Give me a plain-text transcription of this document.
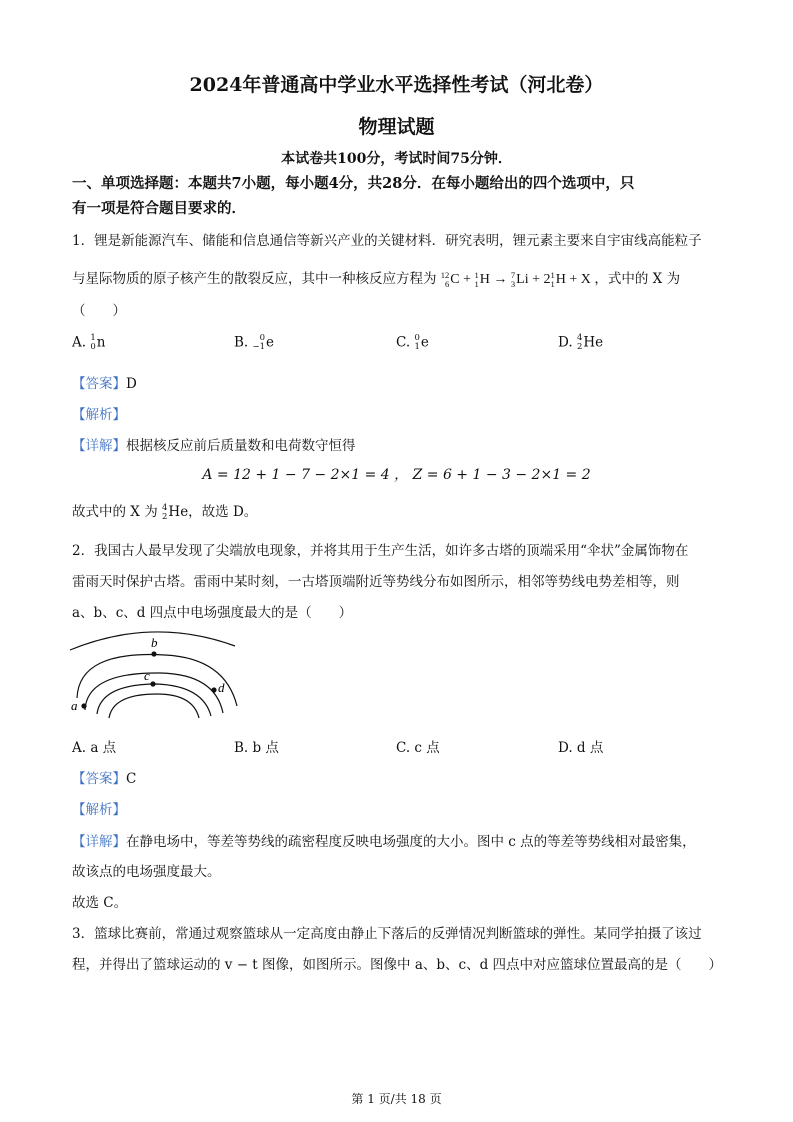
2024年普通高中学业水平选择性考试（河北卷）
物理试题
本试卷共100分，考试时间75分钟．
一、单项选择题：本题共7小题，每小题4分，共28分．在每小题给出的四个选项中，只
有一项是符合题目要求的．
1．锂是新能源汽车、储能和信息通信等新兴产业的关键材料．研究表明，锂元素主要来自宇宙线高能粒子
与星际物质的原子核产生的散裂反应，其中一种核反应方程为 12
6 C + 1
1 H → 7
3 Li + 2 1
1 H + X ，式中的 X 为
（　　）
A. 1
0 n	B.	0
−1 e	C. 0
1 e	D. 4
2 He
【答案】D
【解析】
【详解】根据核反应前后质量数和电荷数守恒得
A = 12 + 1 − 7 − 2×1 = 4 ， Z = 6 + 1 − 3 − 2×1 = 2
故式中的 X 为 4
2 He，故选 D。
2．我国古人最早发现了尖端放电现象，并将其用于生产生活，如许多古塔的顶端采用“伞状”金属饰物在
雷雨天时保护古塔。雷雨中某时刻，一古塔顶端附近等势线分布如图所示，相邻等势线电势差相等，则
a、b、c、d 四点中电场强度最大的是（　　）
b
c
d
a
A. a 点	B. b 点	C. c 点	D. d 点
【答案】C
【解析】
【详解】在静电场中，等差等势线的疏密程度反映电场强度的大小。图中 c 点的等差等势线相对最密集，
故该点的电场强度最大。
故选 C。
3．篮球比赛前，常通过观察篮球从一定高度由静止下落后的反弹情况判断篮球的弹性。某同学拍摄了该过
程，并得出了篮球运动的 v − t 图像，如图所示。图像中 a、b、c、d 四点中对应篮球位置最高的是（　　）
第 1 页/共 18 页
